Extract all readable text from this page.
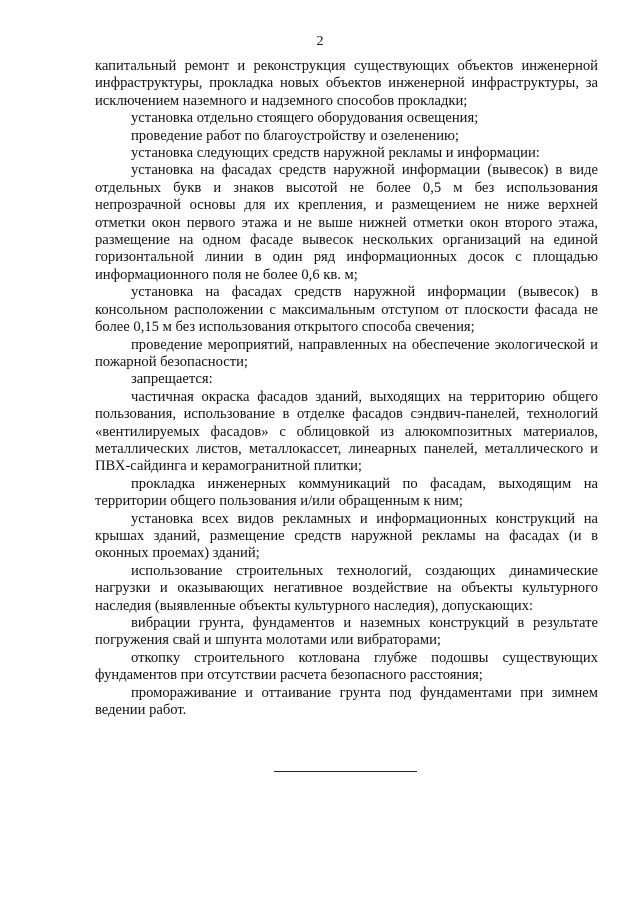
2

капитальный ремонт и реконструкция существующих объектов инженерной инфраструктуры, прокладка новых объектов инженерной инфраструктуры, за исключением наземного и надземного способов прокладки;

установка отдельно стоящего оборудования освещения;

проведение работ по благоустройству и озеленению;

установка следующих средств наружной рекламы и информации:

установка на фасадах средств наружной информации (вывесок) в виде отдельных букв и знаков высотой не более 0,5 м без использования непрозрачной основы для их крепления, и размещением не ниже верхней отметки окон первого этажа и не выше нижней отметки окон второго этажа, размещение на одном фасаде вывесок нескольких организаций на единой горизонтальной линии в один ряд информационных досок с площадью информационного поля не более 0,6 кв. м;

установка на фасадах средств наружной информации (вывесок) в консольном расположении с максимальным отступом от плоскости фасада не более 0,15 м без использования открытого способа свечения;

проведение мероприятий, направленных на обеспечение экологической и пожарной безопасности;

запрещается:

частичная окраска фасадов зданий, выходящих на территорию общего пользования, использование в отделке фасадов сэндвич-панелей, технологий «вентилируемых фасадов» с облицовкой из алюкомпозитных материалов, металлических листов, металлокассет, линеарных панелей, металлического и ПВХ-сайдинга и керамогранитной плитки;

прокладка инженерных коммуникаций по фасадам, выходящим на территории общего пользования и/или обращенным к ним;

установка всех видов рекламных и информационных конструкций на крышах зданий, размещение средств наружной рекламы на фасадах (и в оконных проемах) зданий;

использование строительных технологий, создающих динамические нагрузки и оказывающих негативное воздействие на объекты культурного наследия (выявленные объекты культурного наследия), допускающих:

вибрации грунта, фундаментов и наземных конструкций в результате погружения свай и шпунта молотами или вибраторами;

откопку строительного котлована глубже подошвы существующих фундаментов при отсутствии расчета безопасного расстояния;

промораживание и оттаивание грунта под фундаментами при зимнем ведении работ.
